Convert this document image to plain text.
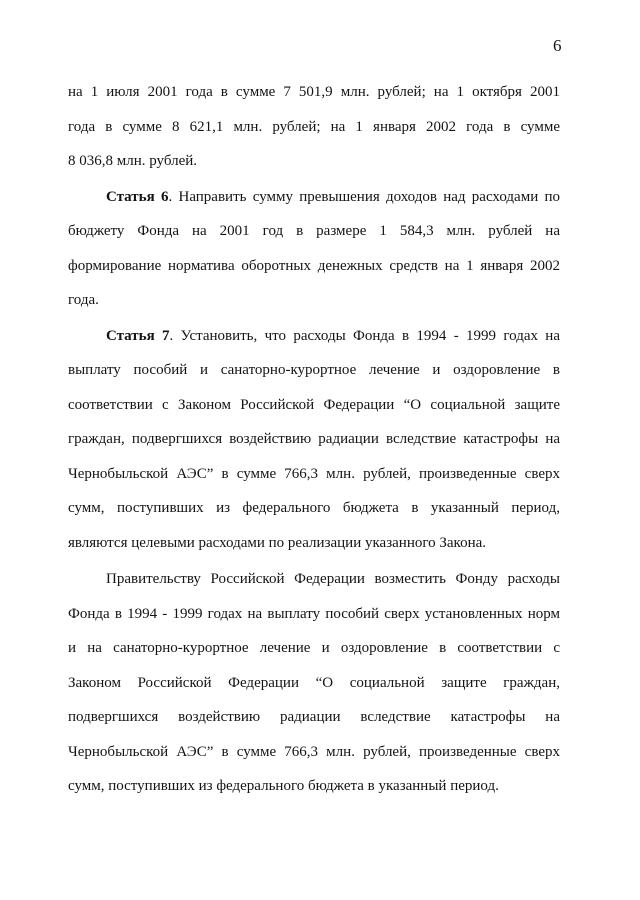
6
на 1 июля 2001 года в сумме 7 501,9 млн. рублей; на 1 октября 2001
года в сумме 8 621,1 млн. рублей; на 1 января 2002 года в сумме
8 036,8 млн. рублей.
Статья 6. Направить сумму превышения доходов над расходами по
бюджету Фонда на 2001 год в размере 1 584,3 млн. рублей на
формирование норматива оборотных денежных средств на 1 января 2002
года.
Статья 7. Установить, что расходы Фонда в 1994 - 1999 годах на
выплату пособий и санаторно-курортное лечение и оздоровление в
соответствии с Законом Российской Федерации “О социальной защите
граждан, подвергшихся воздействию радиации вследствие катастрофы на
Чернобыльской АЭС” в сумме 766,3 млн. рублей, произведенные сверх
сумм, поступивших из федерального бюджета в указанный период,
являются целевыми расходами по реализации указанного Закона.
Правительству Российской Федерации возместить Фонду расходы
Фонда в 1994 - 1999 годах на выплату пособий сверх установленных норм
и на санаторно-курортное лечение и оздоровление в соответствии с
Законом Российской Федерации “О социальной защите граждан,
подвергшихся воздействию радиации вследствие катастрофы на
Чернобыльской АЭС” в сумме 766,3 млн. рублей, произведенные сверх
сумм, поступивших из федерального бюджета в указанный период.
